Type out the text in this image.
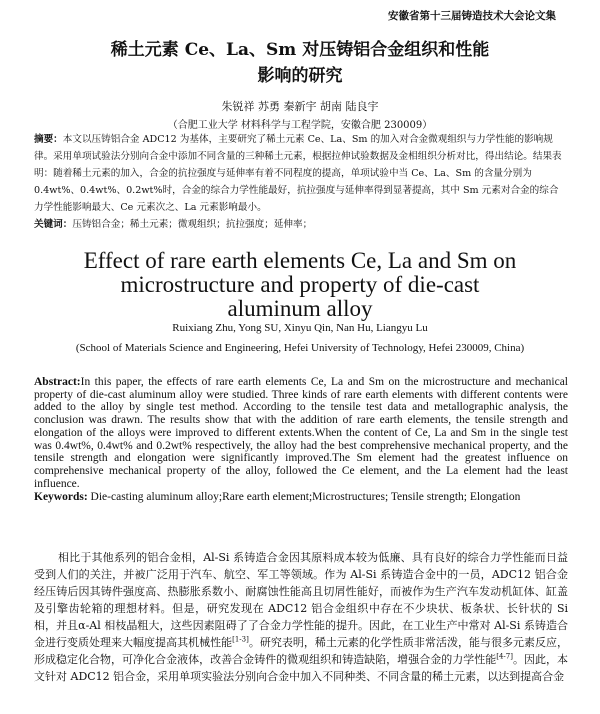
安徽省第十三届铸造技术大会论文集
稀土元素 Ce、La、Sm 对压铸铝合金组织和性能
影响的研究
朱锐祥 苏勇 秦新宇 胡南 陆良宇
（合肥工业大学 材料科学与工程学院，安徽合肥 230009）

摘要：本文以压铸铝合金 ADC12 为基体，主要研究了稀土元素 Ce、La、Sm 的加入对合金微观组织与力学性能的影响规律。采用单项试验法分别向合金中添加不同含量的三种稀土元素，根据拉伸试验数据及金相组织分析对比，得出结论。结果表明：随着稀土元素的加入，合金的抗拉强度与延伸率有着不同程度的提高，单项试验中当 Ce、La、Sm 的含量分别为 0.4wt%、0.4wt%、0.2wt%时，合金的综合力学性能最好，抗拉强度与延伸率得到显著提高，其中 Sm 元素对合金的综合力学性能影响最大、Ce 元素次之、La 元素影响最小。

关键词：压铸铝合金；稀土元素；微观组织；抗拉强度；延伸率；

Effect of rare earth elements Ce, La and Sm on
microstructure and property of die-cast
aluminum alloy
Ruixiang Zhu, Yong SU, Xinyu Qin, Nan Hu, Liangyu Lu
(School of Materials Science and Engineering, Hefei University of Technology, Hefei 230009, China)

Abstract:In this paper, the effects of rare earth elements Ce, La and Sm on the microstructure and mechanical property of die-cast aluminum alloy were studied. Three kinds of rare earth elements with different contents were added to the alloy by single test method. According to the tensile test data and metallographic analysis, the conclusion was drawn. The results show that with the addition of rare earth elements, the tensile strength and elongation of the alloys were improved to different extents.When the content of Ce, La and Sm in the single test was 0.4wt%, 0.4wt% and 0.2wt% respectively, the alloy had the best comprehensive mechanical property, and the tensile strength and elongation were significantly improved.The Sm element had the greatest influence on comprehensive mechanical property of the alloy, followed the Ce element, and the La element had the least influence.

Keywords: Die-casting aluminum alloy;Rare earth element;Microstructures; Tensile strength; Elongation

相比于其他系列的铝合金相，Al-Si 系铸造合金因其原料成本较为低廉、具有良好的综合力学性能而日益受到人们的关注，并被广泛用于汽车、航空、军工等领域。作为 Al-Si 系铸造合金中的一员，ADC12 铝合金经压铸后因其铸件强度高、热膨胀系数小、耐腐蚀性能高且切屑性能好，而被作为生产汽车发动机缸体、缸盖及引擎齿轮箱的理想材料。但是，研究发现在 ADC12 铝合金组织中存在不少块状、板条状、长针状的 Si 相，并且α-Al 相枝晶粗大，这些因素阻碍了了合金力学性能的提升。因此，在工业生产中常对 Al-Si 系铸造合金进行变质处理来大幅度提高其机械性能[1-3]。研究表明，稀土元素的化学性质非常活泼，能与很多元素反应，形成稳定化合物，可净化合金液体，改善合金铸件的微观组织和铸造缺陷，增强合金的力学性能[4-7]。因此，本文针对 ADC12 铝合金，采用单项实验法分别向合金中加入不同种类、不同含量的稀土元素，以达到提高合金
